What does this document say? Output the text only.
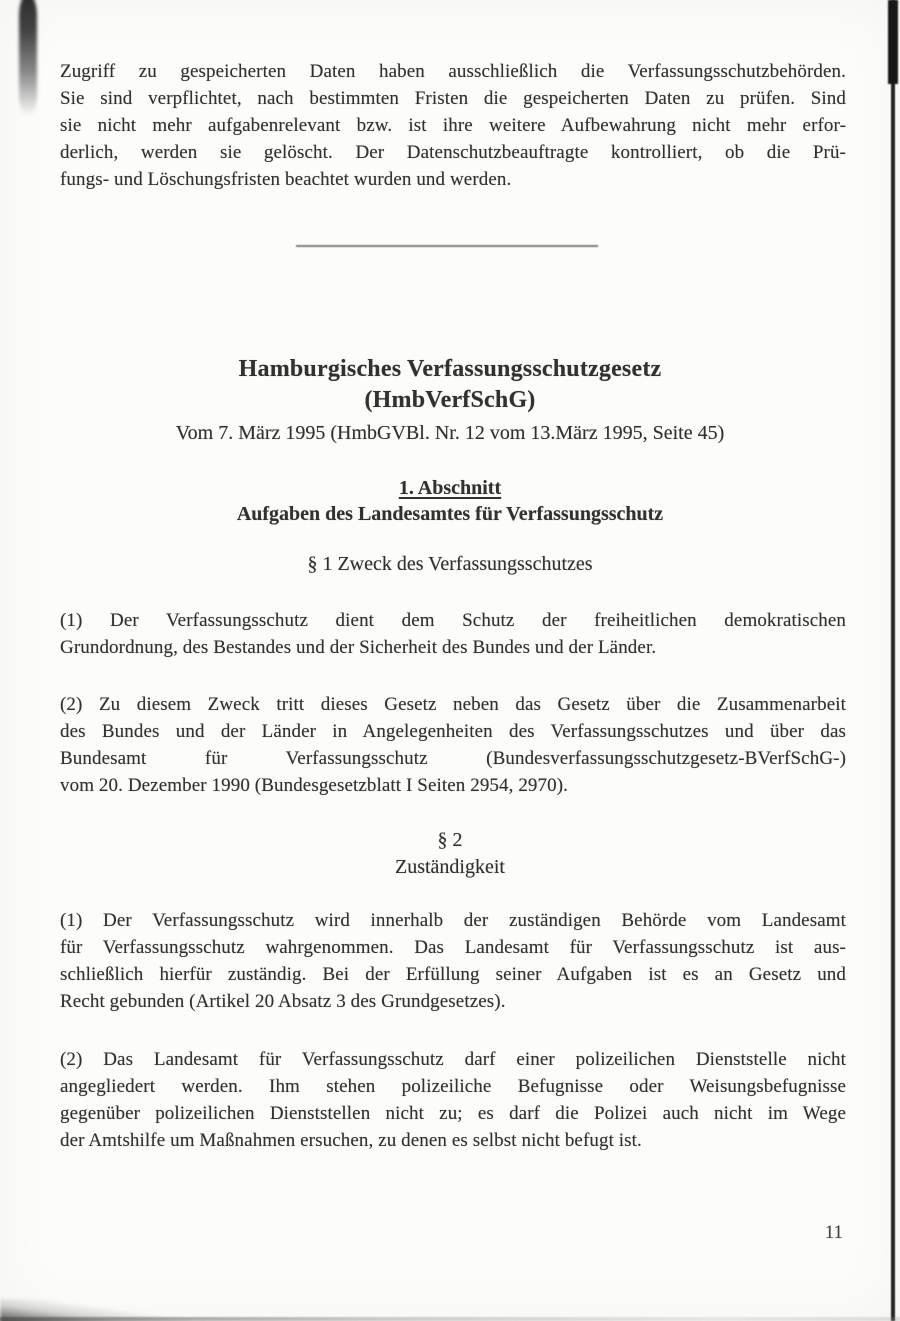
Zugriff zu gespeicherten Daten haben ausschließlich die Verfassungsschutzbehörden.
Sie sind verpflichtet, nach bestimmten Fristen die gespeicherten Daten zu prüfen. Sind
sie nicht mehr aufgabenrelevant bzw. ist ihre weitere Aufbewahrung nicht mehr erfor-
derlich, werden sie gelöscht. Der Datenschutzbeauftragte kontrolliert, ob die Prü-
fungs- und Löschungsfristen beachtet wurden und werden.
Hamburgisches Verfassungsschutzgesetz
(HmbVerfSchG)
Vom 7. März 1995 (HmbGVBl. Nr. 12 vom 13.März 1995, Seite 45)
1. Abschnitt
Aufgaben des Landesamtes für Verfassungsschutz
§ 1 Zweck des Verfassungsschutzes
(1) Der Verfassungsschutz dient dem Schutz der freiheitlichen demokratischen
Grundordnung, des Bestandes und der Sicherheit des Bundes und der Länder.
(2) Zu diesem Zweck tritt dieses Gesetz neben das Gesetz über die Zusammenarbeit
des Bundes und der Länder in Angelegenheiten des Verfassungsschutzes und über das
Bundesamt für Verfassungsschutz (Bundesverfassungsschutzgesetz-BVerfSchG-)
vom 20. Dezember 1990 (Bundesgesetzblatt I Seiten 2954, 2970).
§ 2
Zuständigkeit
(1) Der Verfassungsschutz wird innerhalb der zuständigen Behörde vom Landesamt
für Verfassungsschutz wahrgenommen. Das Landesamt für Verfassungsschutz ist aus-
schließlich hierfür zuständig. Bei der Erfüllung seiner Aufgaben ist es an Gesetz und
Recht gebunden (Artikel 20 Absatz 3 des Grundgesetzes).
(2) Das Landesamt für Verfassungsschutz darf einer polizeilichen Dienststelle nicht
angegliedert werden. Ihm stehen polizeiliche Befugnisse oder Weisungsbefugnisse
gegenüber polizeilichen Dienststellen nicht zu; es darf die Polizei auch nicht im Wege
der Amtshilfe um Maßnahmen ersuchen, zu denen es selbst nicht befugt ist.
11
